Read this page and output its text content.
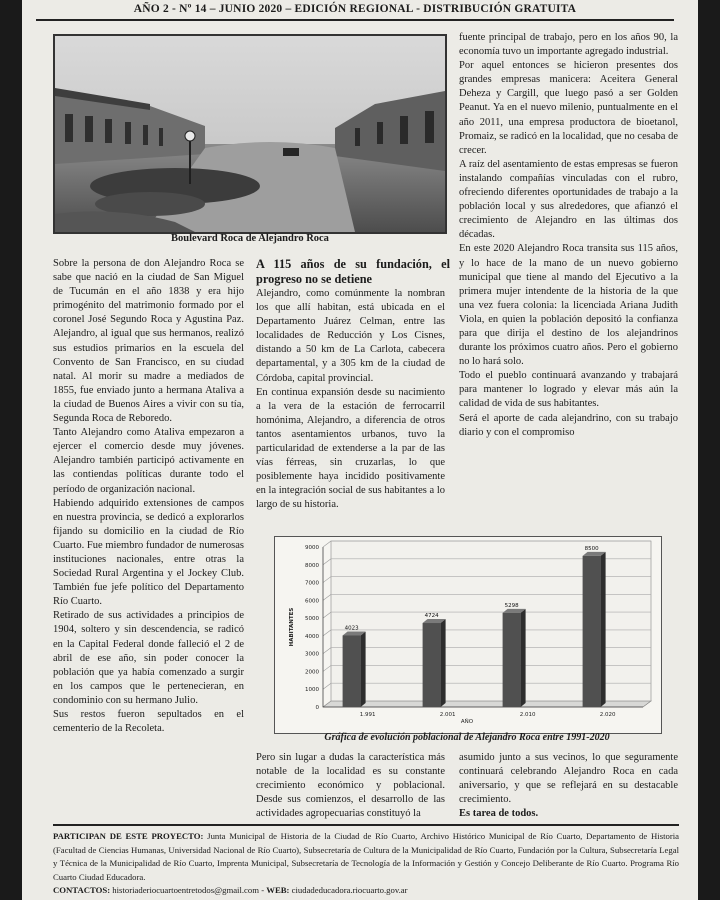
AÑO 2 - Nº 14 – JUNIO 2020 – EDICIÓN REGIONAL - DISTRIBUCIÓN GRATUITA
Boulevard Roca de Alejandro Roca

Sobre la persona de don Alejandro Roca se sabe que nació en la ciudad de San Miguel de Tucumán en el año 1838 y era hijo primogénito del matrimonio formado por el coronel José Segundo Roca y Agustina Paz. Alejandro, al igual que sus hermanos, realizó sus estudios primarios en la escuela del Convento de San Francisco, en su ciudad natal. Al morir su madre a mediados de 1855, fue enviado junto a hermana Ataliva a la ciudad de Buenos Aires a vivir con su tía, Segunda Roca de Reboredo.

Tanto Alejandro como Ataliva empezaron a ejercer el comercio desde muy jóvenes. Alejandro también participó activamente en las contiendas políticas durante todo el período de organización nacional.

Habiendo adquirido extensiones de campos en nuestra provincia, se dedicó a explorarlos fijando su domicilio en la ciudad de Río Cuarto. Fue miembro fundador de numerosas instituciones nacionales, entre otras la Sociedad Rural Argentina y el Jockey Club. También fue jefe político del Departamento Río Cuarto.

Retirado de sus actividades a principios de 1904, soltero y sin descendencia, se radicó en la Capital Federal donde falleció el 2 de abril de ese año, sin poder conocer la población que ya había comenzado a surgir en los campos que le pertenecieran, en condominio con su hermano Julio.

Sus restos fueron sepultados en el cementerio de la Recoleta.

A 115 años de su fundación, el progreso no se detiene

Alejandro, como comúnmente la nombran los que allí habitan, está ubicada en el Departamento Juárez Celman, entre las localidades de Reducción y Los Cisnes, distando a 50 km de La Carlota, cabecera departamental, y a 305 km de la ciudad de Córdoba, capital provincial.

En continua expansión desde su nacimiento a la vera de la estación de ferrocarril homónima, Alejandro, a diferencia de otros tantos asentamientos urbanos, tuvo la particularidad de extenderse a la par de las vías férreas, sin cruzarlas, lo que posiblemente haya incidido positivamente en la integración social de sus habitantes a lo largo de su historia.

fuente principal de trabajo, pero en los años 90, la economía tuvo un importante agregado industrial.

Por aquel entonces se hicieron presentes dos grandes empresas manicera: Aceitera General Deheza y Cargill, que luego pasó a ser Golden Peanut. Ya en el nuevo milenio, puntualmente en el año 2011, una empresa productora de bioetanol, Promaiz, se radicó en la localidad, que no cesaba de crecer.

A raíz del asentamiento de estas empresas se fueron instalando compañías vinculadas con el rubro, ofreciendo diferentes oportunidades de trabajo a la población local y sus alrededores, que afianzó el crecimiento de Alejandro en las últimas dos décadas.

En este 2020 Alejandro Roca transita sus 115 años, y lo hace de la mano de un nuevo gobierno municipal que tiene al mando del Ejecutivo a la primera mujer intendente de la historia de la que una vez fuera colonia: la licenciada Ariana Judith Viola, en quien la población depositó la confianza para que dirija el destino de los alejandrinos durante los próximos cuatro años. Pero el gobierno no lo hará solo.

Todo el pueblo continuará avanzando y trabajará para mantener lo logrado y elevar más aún la calidad de vida de sus habitantes.

Será el aporte de cada alejandrino, con su trabajo diario y con el compromiso

0
1000
2000
3000
4000
5000
6000
7000
8000
9000
HABITANTES
AÑO
4023
1.991
4724
2.001
5298
2.010
8500
2.020
Gráfica de evolución poblacional de Alejandro Roca entre 1991-2020

Pero sin lugar a dudas la característica más notable de la localidad es su constante crecimiento económico y poblacional. Desde sus comienzos, el desarrollo de las actividades agropecuarias constituyó la

asumido junto a sus vecinos, lo que seguramente continuará celebrando Alejandro Roca en cada aniversario, y que se reflejará en su destacable crecimiento.
Es tarea de todos.

PARTICIPAN DE ESTE PROYECTO: Junta Municipal de Historia de la Ciudad de Río Cuarto, Archivo Histórico Municipal de Río Cuarto, Departamento de Historia (Facultad de Ciencias Humanas, Universidad Nacional de Río Cuarto), Subsecretaría de Cultura de la Municipalidad de Río Cuarto, Fundación por la Cultura, Subsecretaría Legal y Técnica de la Municipalidad de Río Cuarto, Imprenta Municipal, Subsecretaría de Tecnología de la Información y Gestión y Concejo Deliberante de Río Cuarto. Programa Río Cuarto Ciudad Educadora.
CONTACTOS: historiaderiocuartoentretodos@gmail.com - WEB: ciudadeducadora.riocuarto.gov.ar
